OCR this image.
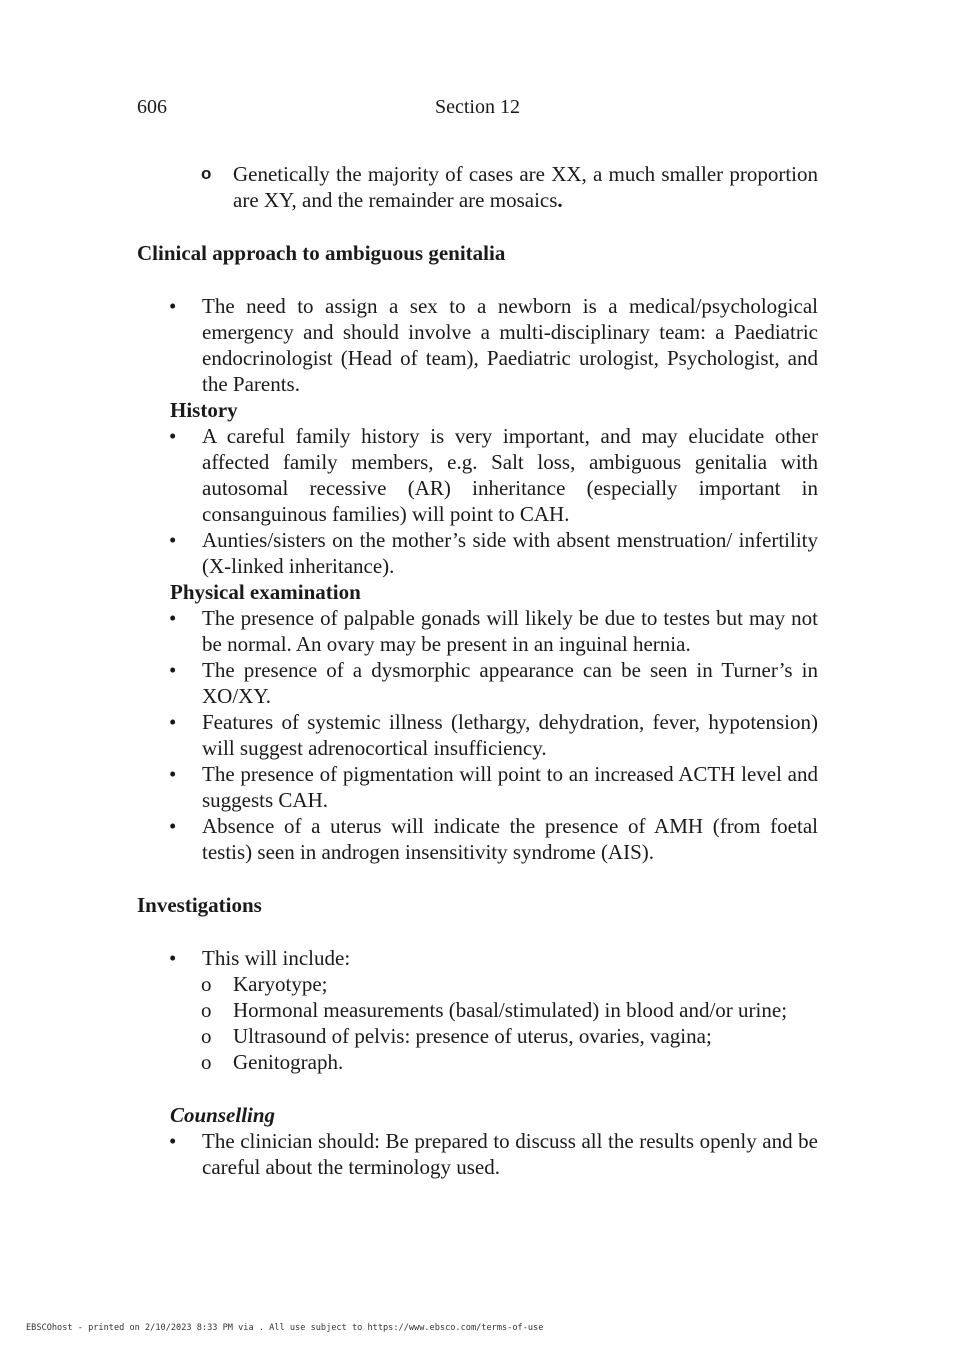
Section 12
606
o Genetically the majority of cases are XX, a much smaller proportion are XY, and the remainder are mosaics.
Clinical approach to ambiguous genitalia
• The need to assign a sex to a newborn is a medical/psychological emergency and should involve a multi-disciplinary team: a Paediatric endocrinologist (Head of team), Paediatric urologist, Psychologist, and the Parents.
History
• A careful family history is very important, and may elucidate other affected family members, e.g. Salt loss, ambiguous genitalia with autosomal recessive (AR) inheritance (especially important in consanguinous families) will point to CAH.
• Aunties/sisters on the mother’s side with absent menstruation/ infertility (X-linked inheritance).
Physical examination
• The presence of palpable gonads will likely be due to testes but may not be normal. An ovary may be present in an inguinal hernia.
• The presence of a dysmorphic appearance can be seen in Turner’s in XO/XY.
• Features of systemic illness (lethargy, dehydration, fever, hypotension) will suggest adrenocortical insufficiency.
• The presence of pigmentation will point to an increased ACTH level and suggests CAH.
• Absence of a uterus will indicate the presence of AMH (from foetal testis) seen in androgen insensitivity syndrome (AIS).
Investigations
• This will include:
o Karyotype;
o Hormonal measurements (basal/stimulated) in blood and/or urine;
o Ultrasound of pelvis: presence of uterus, ovaries, vagina;
o Genitograph.
Counselling
• The clinician should: Be prepared to discuss all the results openly and be careful about the terminology used.
EBSCOhost - printed on 2/10/2023 8:33 PM via . All use subject to https://www.ebsco.com/terms-of-use
